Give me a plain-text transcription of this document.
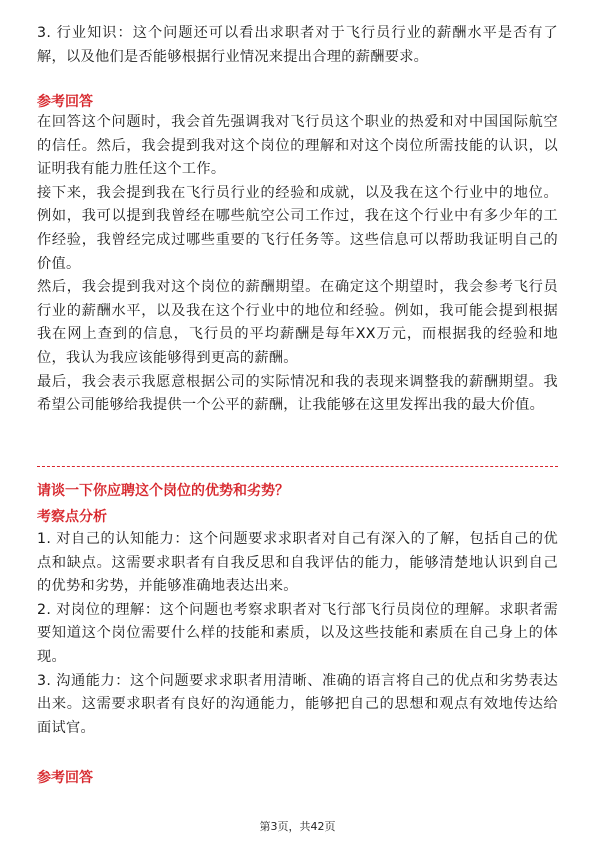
3. 行业知识：这个问题还可以看出求职者对于飞行员行业的薪酬水平是否有了解，以及他们是否能够根据行业情况来提出合理的薪酬要求。

参考回答

在回答这个问题时，我会首先强调我对飞行员这个职业的热爱和对中国国际航空的信任。然后，我会提到我对这个岗位的理解和对这个岗位所需技能的认识，以证明我有能力胜任这个工作。

接下来，我会提到我在飞行员行业的经验和成就，以及我在这个行业中的地位。例如，我可以提到我曾经在哪些航空公司工作过，我在这个行业中有多少年的工作经验，我曾经完成过哪些重要的飞行任务等。这些信息可以帮助我证明自己的价值。

然后，我会提到我对这个岗位的薪酬期望。在确定这个期望时，我会参考飞行员行业的薪酬水平，以及我在这个行业中的地位和经验。例如，我可能会提到根据我在网上查到的信息，飞行员的平均薪酬是每年XX万元，而根据我的经验和地位，我认为我应该能够得到更高的薪酬。

最后，我会表示我愿意根据公司的实际情况和我的表现来调整我的薪酬期望。我希望公司能够给我提供一个公平的薪酬，让我能够在这里发挥出我的最大价值。

请谈一下你应聘这个岗位的优势和劣势？

考察点分析

1. 对自己的认知能力：这个问题要求求职者对自己有深入的了解，包括自己的优点和缺点。这需要求职者有自我反思和自我评估的能力，能够清楚地认识到自己的优势和劣势，并能够准确地表达出来。

2. 对岗位的理解：这个问题也考察求职者对飞行部飞行员岗位的理解。求职者需要知道这个岗位需要什么样的技能和素质，以及这些技能和素质在自己身上的体现。

3. 沟通能力：这个问题要求求职者用清晰、准确的语言将自己的优点和劣势表达出来。这需要求职者有良好的沟通能力，能够把自己的思想和观点有效地传达给面试官。

参考回答

第3页，共42页
